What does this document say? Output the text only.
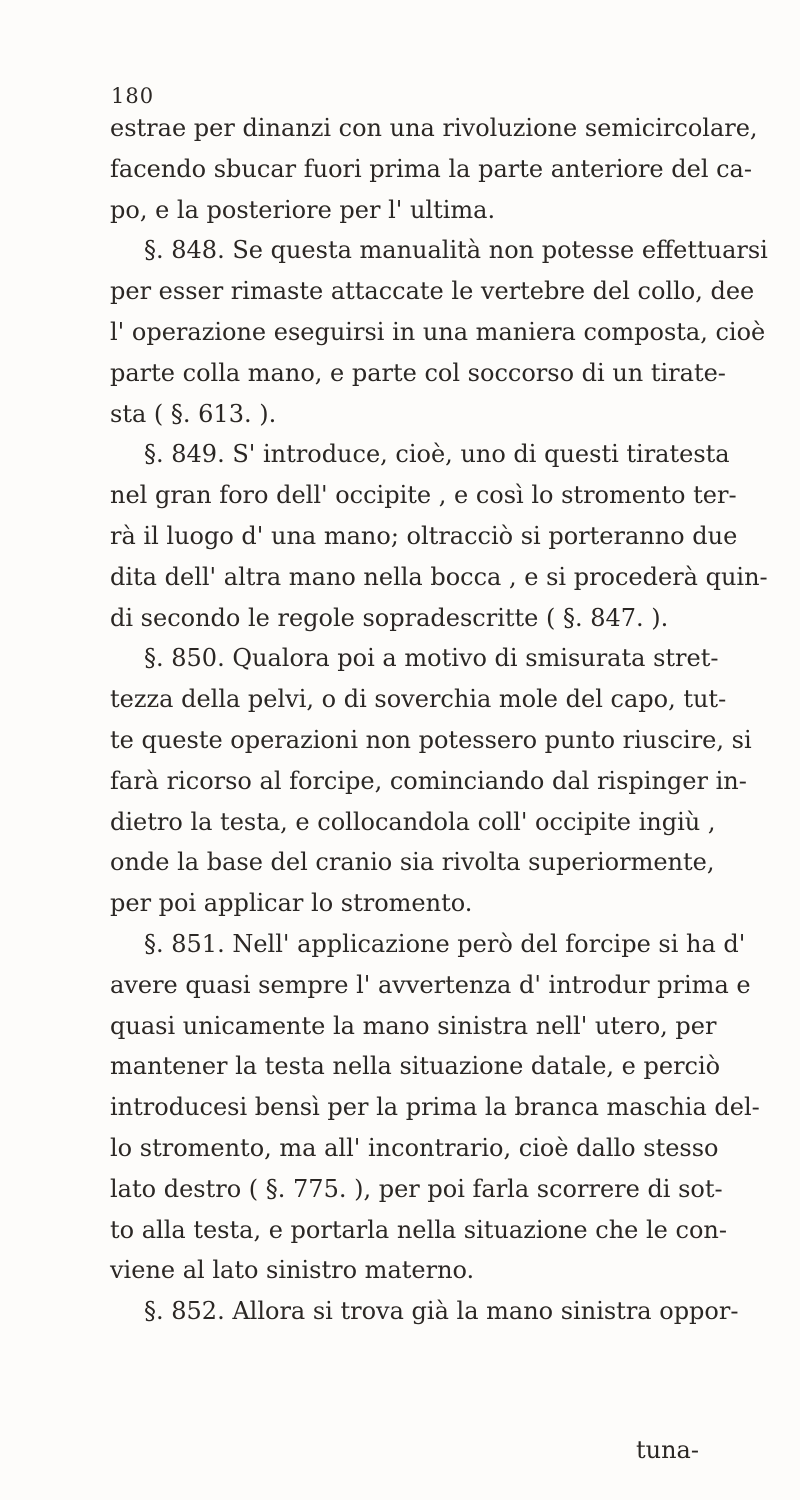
180
estrae per dinanzi con una rivoluzione semicircolare,
facendo sbucar fuori prima la parte anteriore del ca-
po, e la posteriore per l' ultima.
§. 848. Se questa manualità non potesse effettuarsi
per esser rimaste attaccate le vertebre del collo, dee
l' operazione eseguirsi in una maniera composta, cioè
parte colla mano, e parte col soccorso di un tirate-
sta ( §. 613. ).
§. 849. S' introduce, cioè, uno di questi tiratesta
nel gran foro dell' occipite , e così lo stromento ter-
rà il luogo d' una mano; oltracciò si porteranno due
dita dell' altra mano nella bocca , e si procederà quin-
di secondo le regole sopradescritte ( §. 847. ).
§. 850. Qualora poi a motivo di smisurata stret-
tezza della pelvi, o di soverchia mole del capo, tut-
te queste operazioni non potessero punto riuscire, si
farà ricorso al forcipe, cominciando dal rispinger in-
dietro la testa, e collocandola coll' occipite ingiù ,
onde la base del cranio sia rivolta superiormente,
per poi applicar lo stromento.
§. 851. Nell' applicazione però del forcipe si ha d'
avere quasi sempre l' avvertenza d' introdur prima e
quasi unicamente la mano sinistra nell' utero, per
mantener la testa nella situazione datale, e perciò
introducesi bensì per la prima la branca maschia del-
lo stromento, ma all' incontrario, cioè dallo stesso
lato destro ( §. 775. ), per poi farla scorrere di sot-
to alla testa, e portarla nella situazione che le con-
viene al lato sinistro materno.
§. 852. Allora si trova già la mano sinistra oppor-
tuna-
